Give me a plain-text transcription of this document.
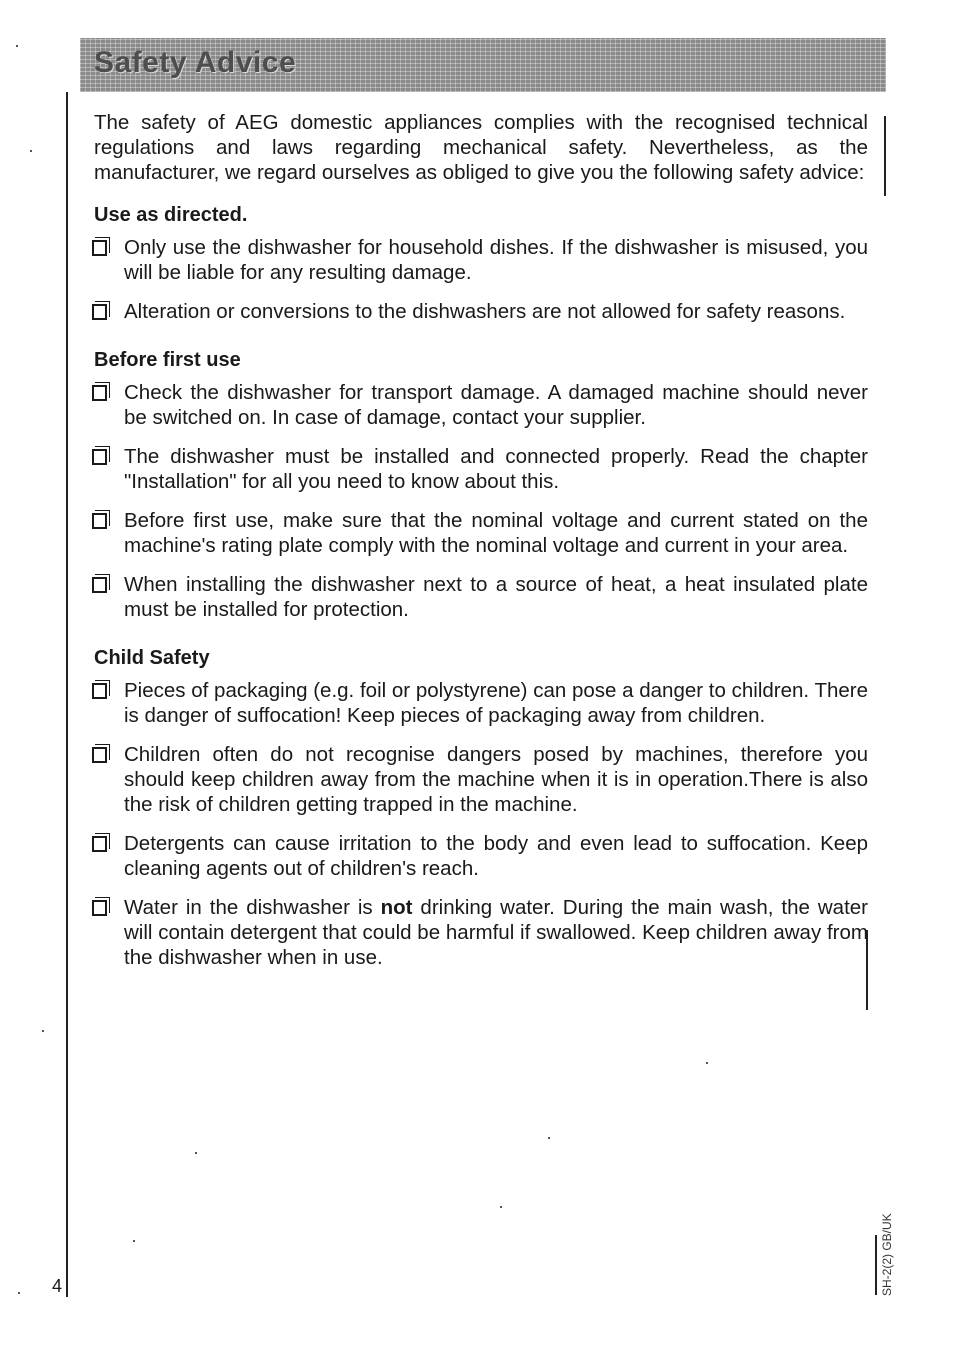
Safety Advice

The safety of AEG domestic appliances complies with the recognised technical regulations and laws regarding mechanical safety. Nevertheless, as the manufacturer, we regard ourselves as obliged to give you the following safety advice:

Use as directed.
Only use the dishwasher for household dishes. If the dishwasher is misused, you will be liable for any resulting damage.
Alteration or conversions to the dishwashers are not allowed for safety reasons.
Before first use
Check the dishwasher for transport damage. A damaged machine should never be switched on. In case of damage, contact your supplier.
The dishwasher must be installed and connected properly. Read the chapter "Installation" for all you need to know about this.
Before first use, make sure that the nominal voltage and current stated on the machine's rating plate comply with the nominal voltage and current in your area.
When installing the dishwasher next to a source of heat, a heat insulated plate must be installed for protection.
Child Safety
Pieces of packaging (e.g. foil or polystyrene) can pose a danger to children. There is danger of suffocation! Keep pieces of packaging away from children.
Children often do not recognise dangers posed by machines, therefore you should keep children away from the machine when it is in operation.There is also the risk of children getting trapped in the machine.
Detergents can cause irritation to the body and even lead to suffocation. Keep cleaning agents out of children's reach.
Water in the dishwasher is not drinking water. During the main wash, the water will contain detergent that could be harmful if swallowed. Keep children away from the dishwasher when in use.
4	SH-2(2) GB/UK
